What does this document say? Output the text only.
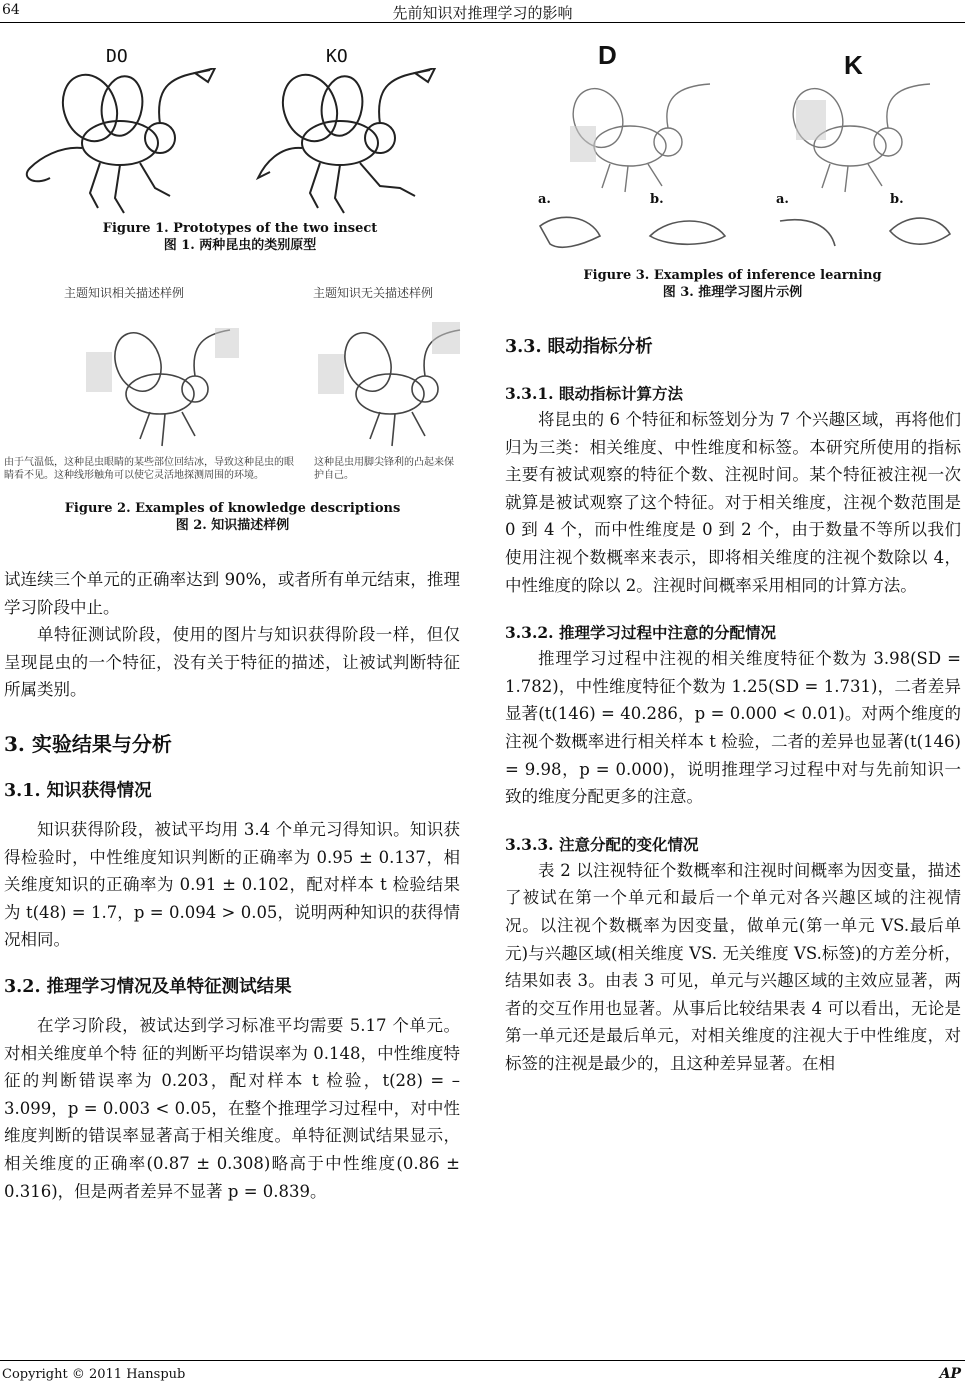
64	先前知识对推理学习的影响
DO	KO
Figure 1. Prototypes of the two insect
图 1. 两种昆虫的类别原型
主题知识相关描述样例	主题知识无关描述样例
由于气温低，这种昆虫眼睛的某些部位回结冰，导致这种昆虫的眼睛看不见。这种线形触角可以使它灵活地探测周围的环境。
这种昆虫用脚尖锋利的凸起来保护自己。
Figure 2. Examples of knowledge descriptions
图 2. 知识描述样例
D	K
a.	b.	a.	b.
Figure 3. Examples of inference learning
图 3. 推理学习图片示例

试连续三个单元的正确率达到 90%，或者所有单元结束，推理学习阶段中止。

单特征测试阶段，使用的图片与知识获得阶段一样，但仅呈现昆虫的一个特征，没有关于特征的描述，让被试判断特征所属类别。

3. 实验结果与分析
3.1. 知识获得情况

知识获得阶段，被试平均用 3.4 个单元习得知识。知识获得检验时，中性维度知识判断的正确率为 0.95 ± 0.137，相关维度知识的正确率为 0.91 ± 0.102，配对样本 t 检验结果为 t(48) = 1.7，p = 0.094 > 0.05，说明两种知识的获得情况相同。

3.2. 推理学习情况及单特征测试结果

在学习阶段，被试达到学习标准平均需要 5.17 个单元。对相关维度单个特 征的判断平均错误率为 0.148，中性维度特征的判断错误率为 0.203，配对样本 t 检验，t(28) = –3.099，p = 0.003 < 0.05，在整个推理学习过程中，对中性维度判断的错误率显著高于相关维度。单特征测试结果显示，相关维度的正确率(0.87 ± 0.308)略高于中性维度(0.86 ± 0.316)，但是两者差异不显著 p = 0.839。

3.3. 眼动指标分析
3.3.1. 眼动指标计算方法

将昆虫的 6 个特征和标签划分为 7 个兴趣区域，再将他们归为三类：相关维度、中性维度和标签。本研究所使用的指标主要有被试观察的特征个数、注视时间。某个特征被注视一次就算是被试观察了这个特征。对于相关维度，注视个数范围是 0 到 4 个，而中性维度是 0 到 2 个，由于数量不等所以我们使用注视个数概率来表示，即将相关维度的注视个数除以 4，中性维度的除以 2。注视时间概率采用相同的计算方法。

3.3.2. 推理学习过程中注意的分配情况

推理学习过程中注视的相关维度特征个数为 3.98(SD = 1.782)，中性维度特征个数为 1.25(SD = 1.731)，二者差异显著(t(146) = 40.286，p = 0.000 < 0.01)。对两个维度的注视个数概率进行相关样本 t 检验，二者的差异也显著(t(146) = 9.98，p = 0.000)，说明推理学习过程中对与先前知识一致的维度分配更多的注意。

3.3.3. 注意分配的变化情况

表 2 以注视特征个数概率和注视时间概率为因变量，描述了被试在第一个单元和最后一个单元对各兴趣区域的注视情况。以注视个数概率为因变量，做单元(第一单元 VS.最后单元)与兴趣区域(相关维度 VS. 无关维度 VS.标签)的方差分析，结果如表 3。由表 3 可见，单元与兴趣区域的主效应显著，两者的交互作用也显著。从事后比较结果表 4 可以看出，无论是第一单元还是最后单元，对相关维度的注视大于中性维度，对标签的注视是最少的，且这种差异显著。在相

Copyright © 2011 Hanspub	AP
